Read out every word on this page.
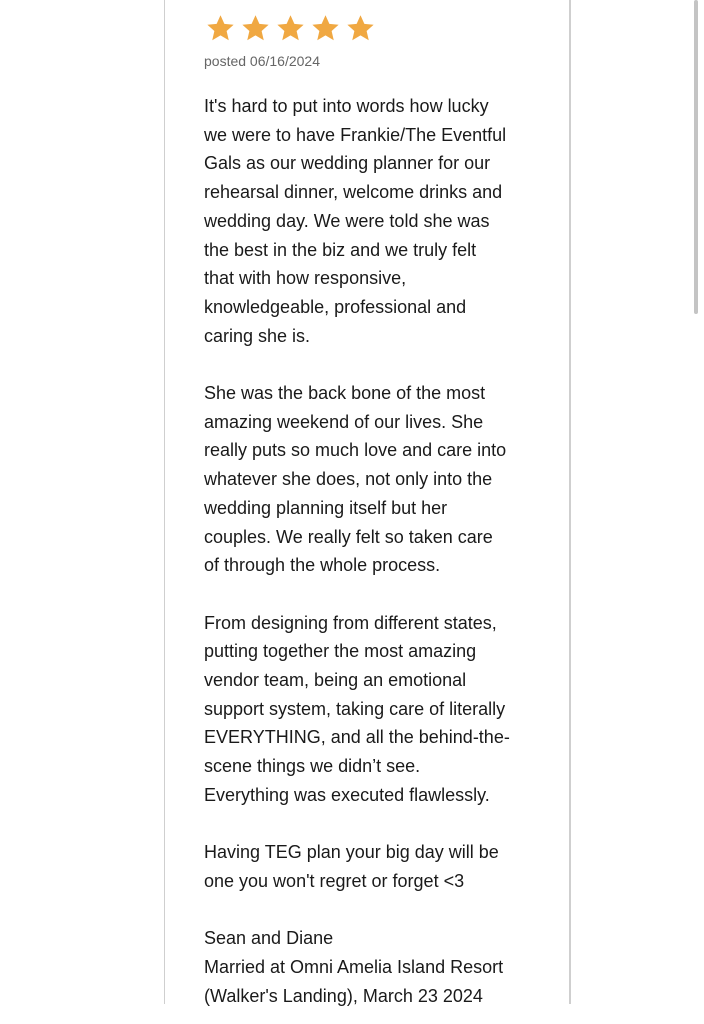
posted 06/16/2024

It's hard to put into words how lucky
we were to have Frankie/The Eventful
Gals as our wedding planner for our
rehearsal dinner, welcome drinks and
wedding day. We were told she was
the best in the biz and we truly felt
that with how responsive,
knowledgeable, professional and
caring she is.

She was the back bone of the most
amazing weekend of our lives. She
really puts so much love and care into
whatever she does, not only into the
wedding planning itself but her
couples. We really felt so taken care
of through the whole process.

From designing from different states,
putting together the most amazing
vendor team, being an emotional
support system, taking care of literally
EVERYTHING, and all the behind-the-
scene things we didn’t see.
Everything was executed flawlessly.

Having TEG plan your big day will be
one you won't regret or forget <3

Sean and Diane
Married at Omni Amelia Island Resort
(Walker's Landing), March 23 2024
